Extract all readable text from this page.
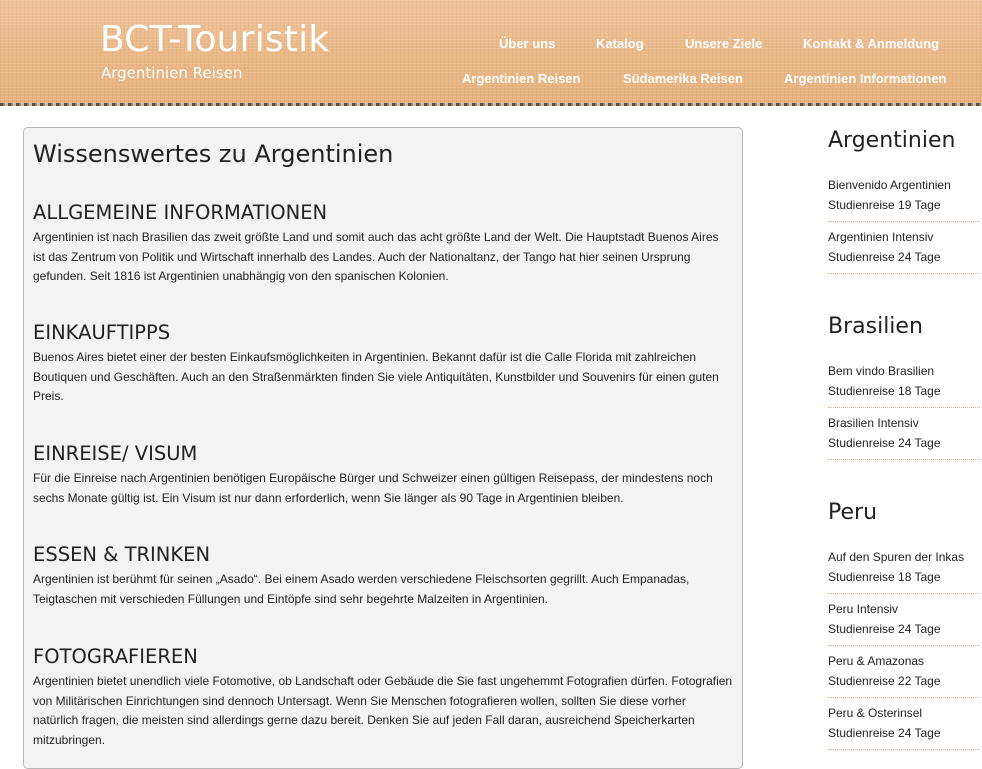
BCT-Touristik
Argentinien Reisen
Über uns	Katalog	Unsere Ziele	Kontakt & Anmeldung
Argentinien Reisen	Südamerika Reisen	Argentinien Informationen
Wissenswertes zu Argentinien
ALLGEMEINE INFORMATIONEN

Argentinien ist nach Brasilien das zweit größte Land und somit auch das acht größte Land der Welt. Die Hauptstadt Buenos Aires ist das Zentrum von Politik und Wirtschaft innerhalb des Landes. Auch der Nationaltanz, der Tango hat hier seinen Ursprung gefunden. Seit 1816 ist Argentinien unabhängig von den spanischen Kolonien.

EINKAUFTIPPS

Buenos Aires bietet einer der besten Einkaufsmöglichkeiten in Argentinien. Bekannt dafür ist die Calle Florida mit zahlreichen Boutiquen und Geschäften. Auch an den Straßenmärkten finden Sie viele Antiquitäten, Kunstbilder und Souvenirs für einen guten Preis.

EINREISE/ VISUM

Für die Einreise nach Argentinien benötigen Europäische Bürger und Schweizer einen gültigen Reisepass, der mindestens noch sechs Monate gültig ist. Ein Visum ist nur dann erforderlich, wenn Sie länger als 90 Tage in Argentinien bleiben.

ESSEN & TRINKEN

Argentinien ist berühmt für seinen „Asado“. Bei einem Asado werden verschiedene Fleischsorten gegrillt. Auch Empanadas, Teigtaschen mit verschieden Füllungen und Eintöpfe sind sehr begehrte Malzeiten in Argentinien.

FOTOGRAFIEREN

Argentinien bietet unendlich viele Fotomotive, ob Landschaft oder Gebäude die Sie fast ungehemmt Fotografien dürfen. Fotografien von Militärischen Einrichtungen sind dennoch Untersagt. Wenn Sie Menschen fotografieren wollen, sollten Sie diese vorher natürlich fragen, die meisten sind allerdings gerne dazu bereit. Denken Sie auf jeden Fall daran, ausreichend Speicherkarten mitzubringen.

Argentinien
Bienvenido Argentinien
Studienreise 19 Tage
Argentinien Intensiv
Studienreise 24 Tage
Brasilien
Bem vindo Brasilien
Studienreise 18 Tage
Brasilien Intensiv
Studienreise 24 Tage
Peru
Auf den Spuren der Inkas
Studienreise 18 Tage
Peru Intensiv
Studienreise 24 Tage
Peru & Amazonas
Studienreise 22 Tage
Peru & Osterinsel
Studienreise 24 Tage
